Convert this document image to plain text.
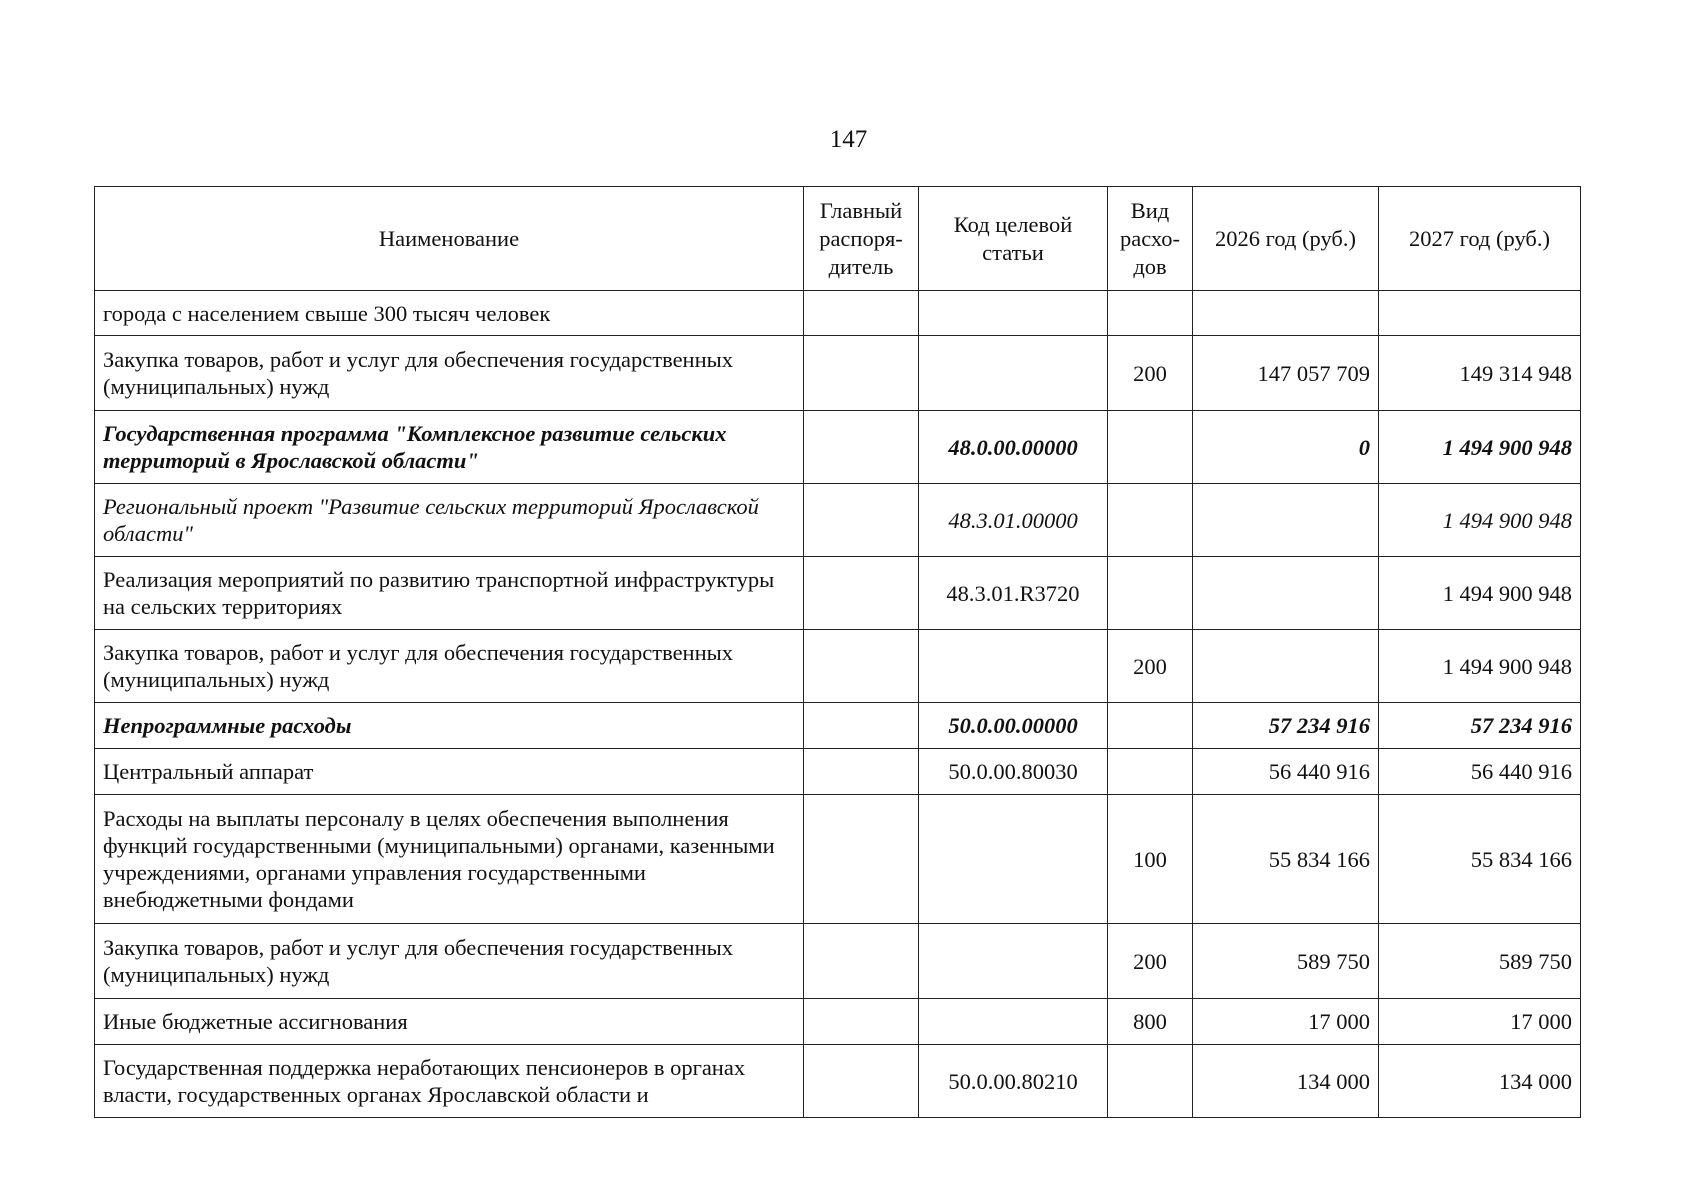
147
Наименование	Главный распоря- дитель	Код целевой статьи	Вид расхо- дов	2026 год (руб.)	2027 год (руб.)
города с населением свыше 300 тысяч человек					
Закупка товаров, работ и услуг для обеспечения государственных (муниципальных) нужд			200	147 057 709	149 314 948
Государственная программа "Комплексное развитие сельских территорий в Ярославской области"		48.0.00.00000		0	1 494 900 948
Региональный проект "Развитие сельских территорий Ярославской области"		48.3.01.00000			1 494 900 948
Реализация мероприятий по развитию транспортной инфраструктуры на сельских территориях		48.3.01.R3720			1 494 900 948
Закупка товаров, работ и услуг для обеспечения государственных (муниципальных) нужд			200		1 494 900 948
Непрограммные расходы		50.0.00.00000		57 234 916	57 234 916
Центральный аппарат		50.0.00.80030		56 440 916	56 440 916
Расходы на выплаты персоналу в целях обеспечения выполнения функций государственными (муниципальными) органами, казенными учреждениями, органами управления государственными внебюджетными фондами			100	55 834 166	55 834 166
Закупка товаров, работ и услуг для обеспечения государственных (муниципальных) нужд			200	589 750	589 750
Иные бюджетные ассигнования			800	17 000	17 000
Государственная поддержка неработающих пенсионеров в органах власти, государственных органах Ярославской области и		50.0.00.80210		134 000	134 000
